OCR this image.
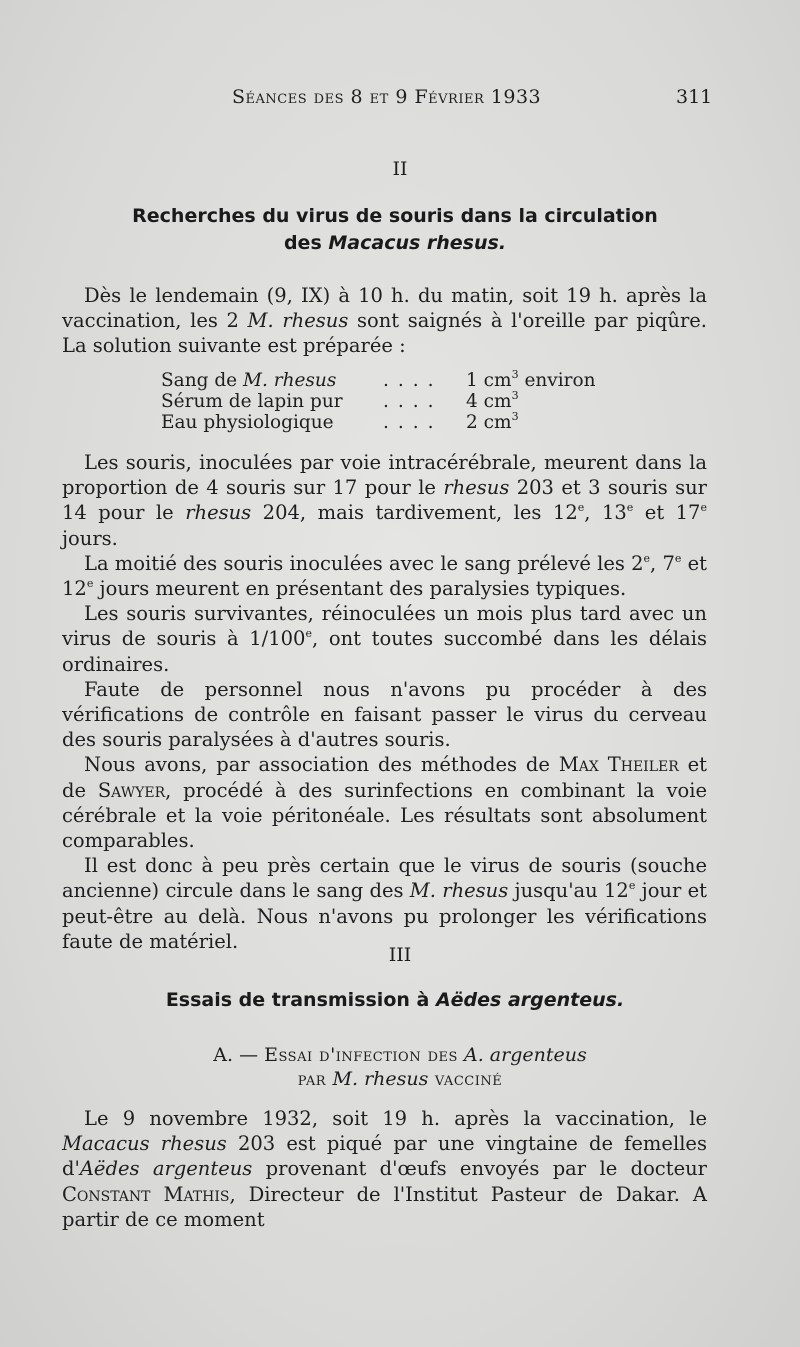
Séances des 8 et 9 Février 1933	311
II
Recherches du virus de souris dans la circulation
des Macacus rhesus.

Dès le lendemain (9, IX) à 10 h. du matin, soit 19 h. après la vaccination, les 2 M. rhesus sont saignés à l'oreille par piqûre. La solution suivante est préparée :

Sang de M. rhesus	.... 1 $cm^3$ environ
Sérum de lapin pur .... 4 $cm^3$
Eau physiologique	.... 2 $cm^3$

Les souris, inoculées par voie intracérébrale, meurent dans la proportion de 4 souris sur 17 pour le rhesus 203 et 3 souris sur 14 pour le rhesus 204, mais tardivement, les 12e, 13e et 17e jours.

La moitié des souris inoculées avec le sang prélevé les 2e, 7e et 12e jours meurent en présentant des paralysies typiques.

Les souris survivantes, réinoculées un mois plus tard avec un virus de souris à 1/100e, ont toutes succombé dans les délais ordinaires.

Faute de personnel nous n'avons pu procéder à des vérifications de contrôle en faisant passer le virus du cerveau des souris paralysées à d'autres souris.

Nous avons, par association des méthodes de Max Theiler et de Sawyer, procédé à des surinfections en combinant la voie cérébrale et la voie péritonéale. Les résultats sont absolument comparables.

Il est donc à peu près certain que le virus de souris (souche ancienne) circule dans le sang des M. rhesus jusqu'au 12e jour et peut-être au delà. Nous n'avons pu prolonger les vérifications faute de matériel.

III
Essais de transmission à Aëdes argenteus.
A. — Essai d'infection des A. argenteus
par M. rhesus vacciné

Le 9 novembre 1932, soit 19 h. après la vaccination, le Macacus rhesus 203 est piqué par une vingtaine de femelles d'Aëdes argenteus provenant d'œufs envoyés par le docteur Constant Mathis, Directeur de l'Institut Pasteur de Dakar. A partir de ce moment
